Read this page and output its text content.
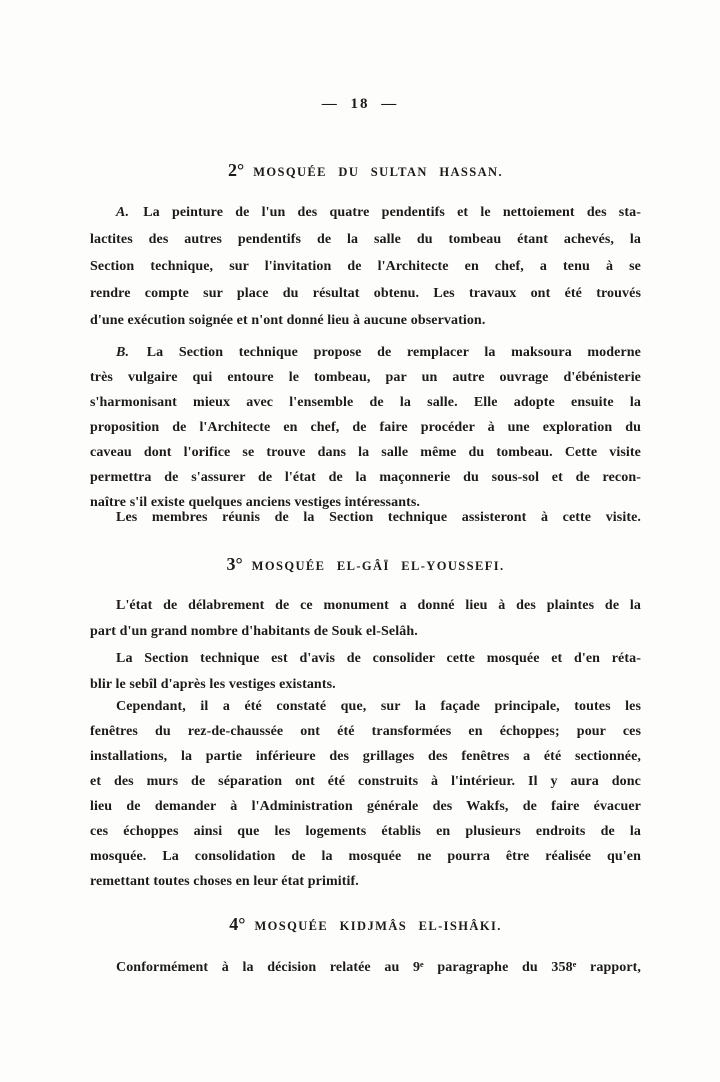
— 18 —
2° MOSQUÉE DU SULTAN HASSAN.
A. La peinture de l'un des quatre pendentifs et le nettoiement des sta-
lactites des autres pendentifs de la salle du tombeau étant achevés, la
Section technique, sur l'invitation de l'Architecte en chef, a tenu à se
rendre compte sur place du résultat obtenu. Les travaux ont été trouvés
d'une exécution soignée et n'ont donné lieu à aucune observation.
B. La Section technique propose de remplacer la maksoura moderne
très vulgaire qui entoure le tombeau, par un autre ouvrage d'ébénisterie
s'harmonisant mieux avec l'ensemble de la salle. Elle adopte ensuite la
proposition de l'Architecte en chef, de faire procéder à une exploration du
caveau dont l'orifice se trouve dans la salle même du tombeau. Cette visite
permettra de s'assurer de l'état de la maçonnerie du sous-sol et de recon-
naître s'il existe quelques anciens vestiges intéressants.
Les membres réunis de la Section technique assisteront à cette visite.
3° MOSQUÉE EL-GÂÏ EL-YOUSSEFI.
L'état de délabrement de ce monument a donné lieu à des plaintes de la
part d'un grand nombre d'habitants de Souk el-Selâh.
La Section technique est d'avis de consolider cette mosquée et d'en réta-
blir le sebîl d'après les vestiges existants.
Cependant, il a été constaté que, sur la façade principale, toutes les
fenêtres du rez-de-chaussée ont été transformées en échoppes; pour ces
installations, la partie inférieure des grillages des fenêtres a été sectionnée,
et des murs de séparation ont été construits à l'intérieur. Il y aura donc
lieu de demander à l'Administration générale des Wakfs, de faire évacuer
ces échoppes ainsi que les logements établis en plusieurs endroits de la
mosquée. La consolidation de la mosquée ne pourra être réalisée qu'en
remettant toutes choses en leur état primitif.
4° MOSQUÉE KIDJMÂS EL-ISHÂKI.
Conformément à la décision relatée au 9ᵉ paragraphe du 358ᵉ rapport,
